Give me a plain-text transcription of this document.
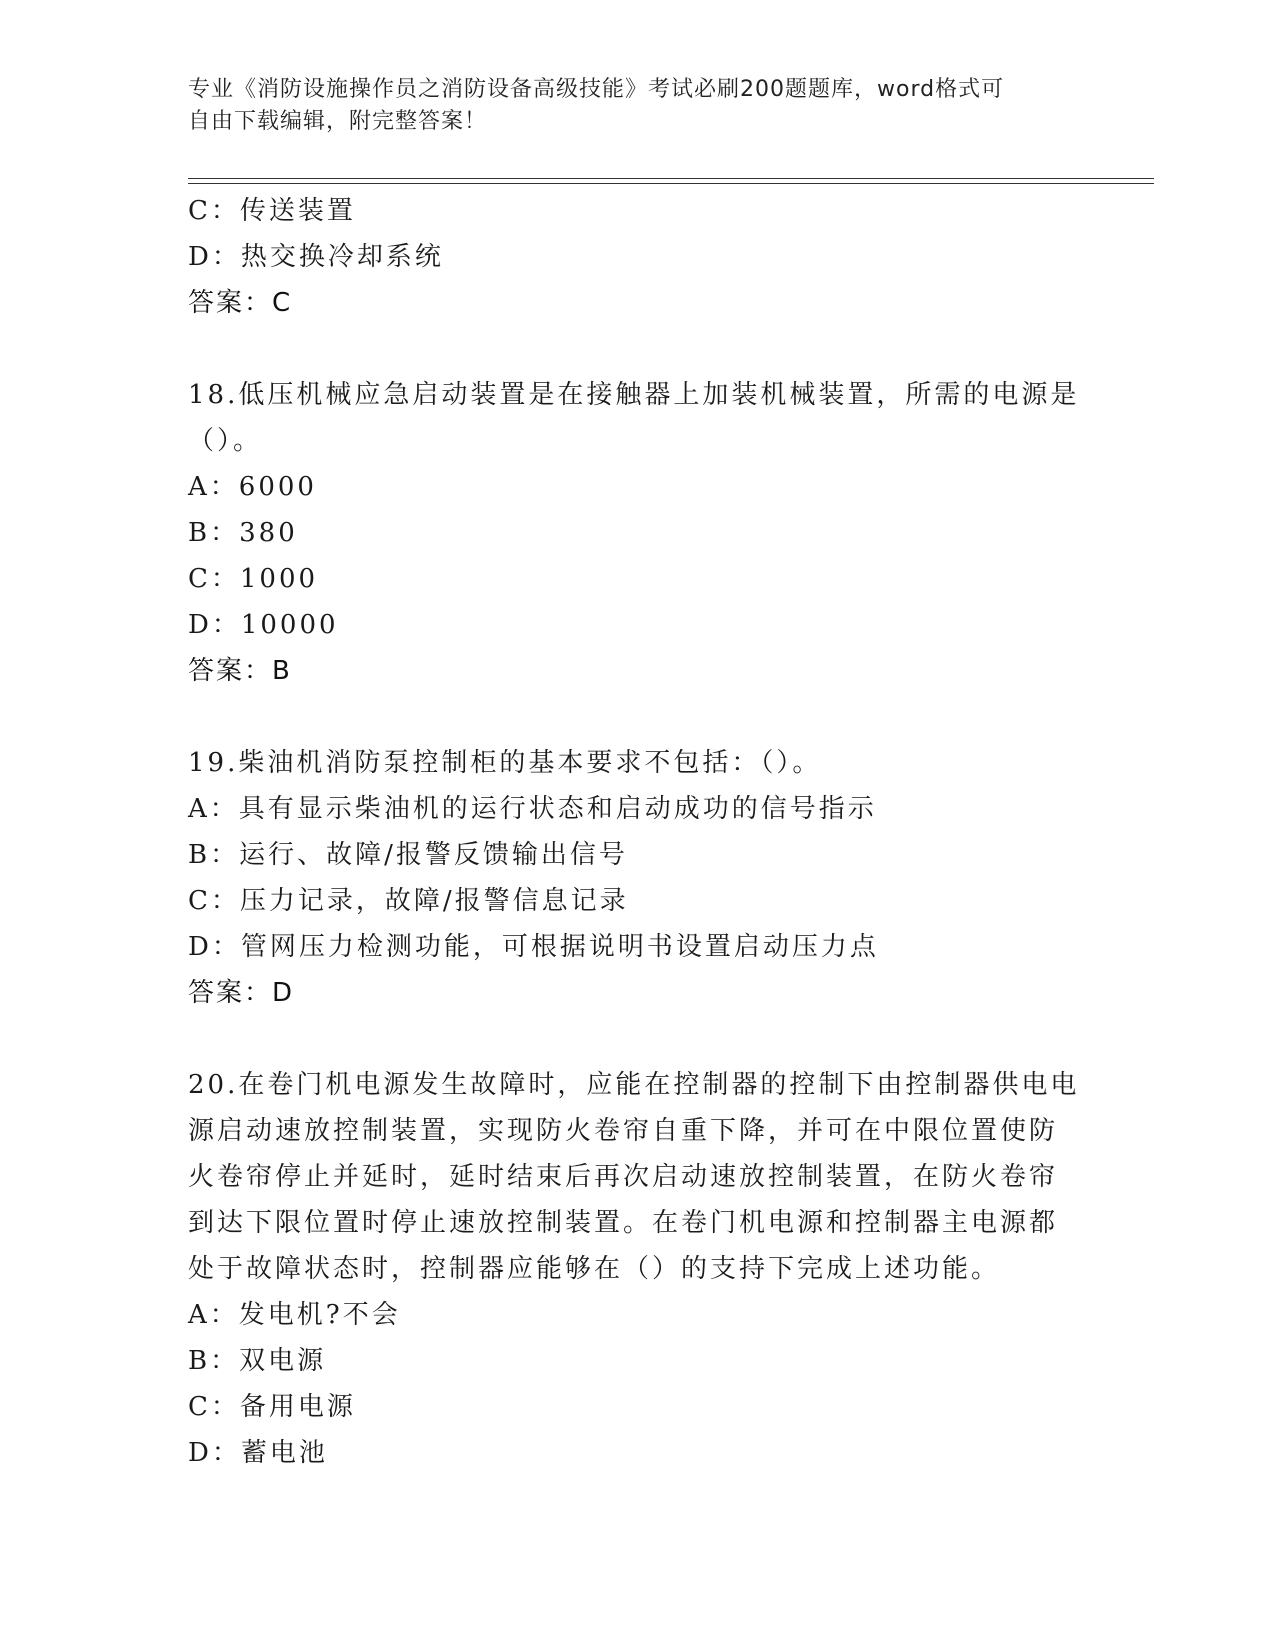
专业《消防设施操作员之消防设备高级技能》考试必刷200题题库，word格式可
自由下载编辑，附完整答案！
C：传送装置
D：热交换冷却系统
答案：C
18.低压机械应急启动装置是在接触器上加装机械装置，所需的电源是
（）。
A：6000
B：380
C：1000
D：10000
答案：B
19.柴油机消防泵控制柜的基本要求不包括：（）。
A：具有显示柴油机的运行状态和启动成功的信号指示
B：运行、故障/报警反馈输出信号
C：压力记录，故障/报警信息记录
D：管网压力检测功能，可根据说明书设置启动压力点
答案：D
20.在卷门机电源发生故障时，应能在控制器的控制下由控制器供电电
源启动速放控制装置，实现防火卷帘自重下降，并可在中限位置使防
火卷帘停止并延时，延时结束后再次启动速放控制装置，在防火卷帘
到达下限位置时停止速放控制装置。在卷门机电源和控制器主电源都
处于故障状态时，控制器应能够在（）的支持下完成上述功能。
A：发电机?不会
B：双电源
C：备用电源
D：蓄电池
